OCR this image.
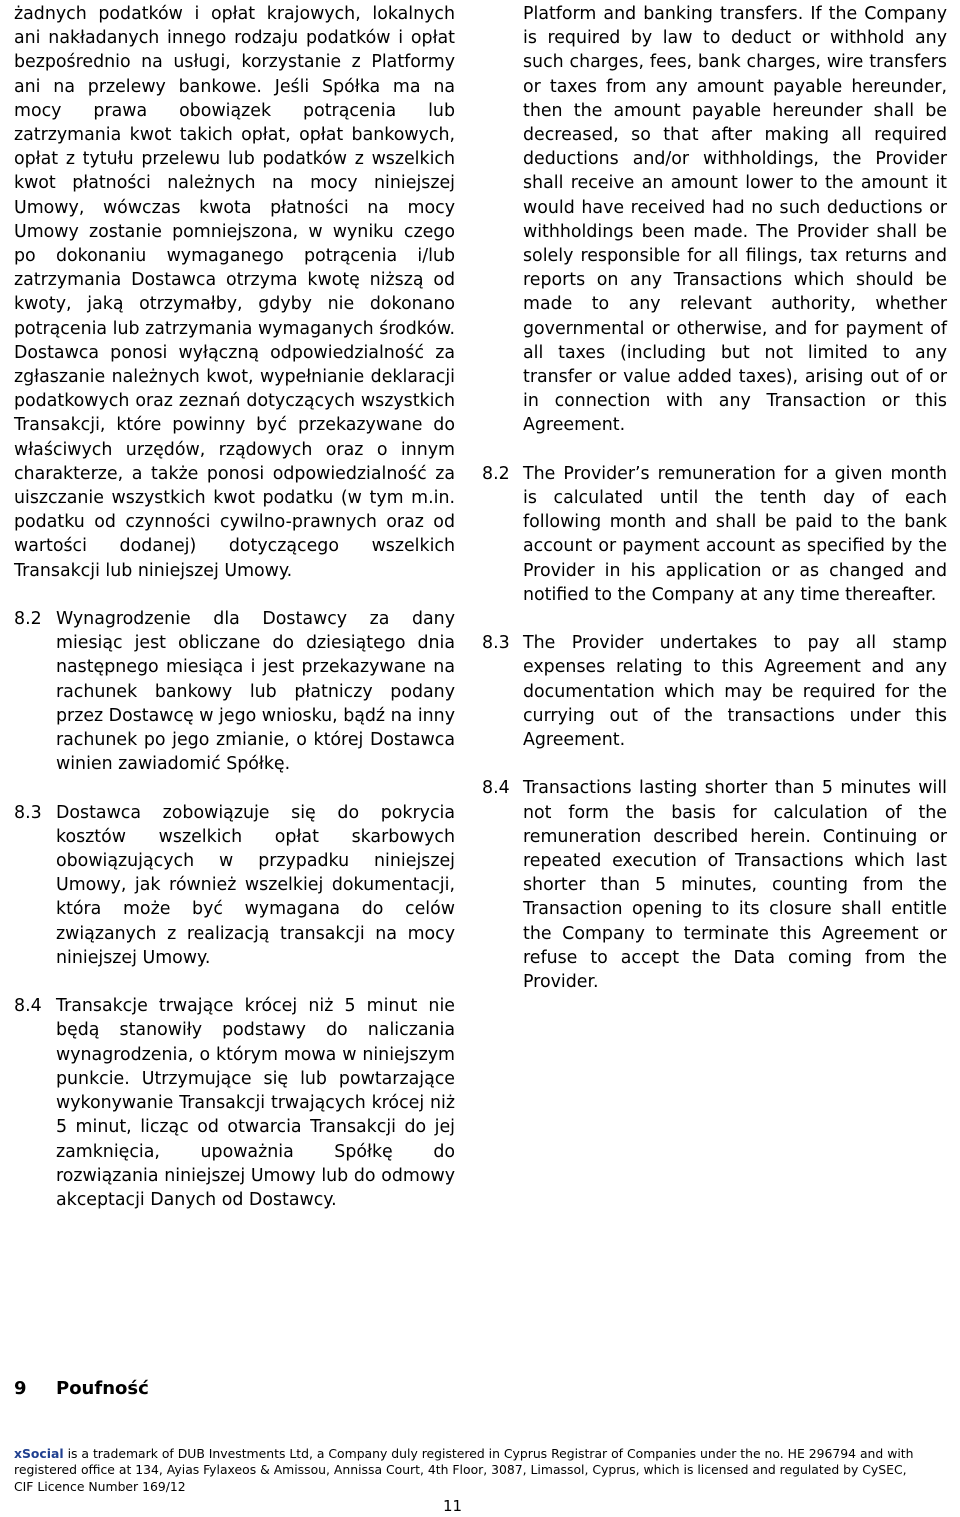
żadnych podatków i opłat krajowych, lokalnych ani nakładanych innego rodzaju podatków i opłat bezpośrednio na usługi, korzystanie z Platformy ani na przelewy bankowe. Jeśli Spółka ma na mocy prawa obowiązek potrącenia lub zatrzymania kwot takich opłat, opłat bankowych, opłat z tytułu przelewu lub podatków z wszelkich kwot płatności należnych na mocy niniejszej Umowy, wówczas kwota płatności na mocy Umowy zostanie pomniejszona, w wyniku czego po dokonaniu wymaganego potrącenia i/lub zatrzymania Dostawca otrzyma kwotę niższą od kwoty, jaką otrzymałby, gdyby nie dokonano potrącenia lub zatrzymania wymaganych środków. Dostawca ponosi wyłączną odpowiedzialność za zgłaszanie należnych kwot, wypełnianie deklaracji podatkowych oraz zeznań dotyczących wszystkich Transakcji, które powinny być przekazywane do właściwych urzędów, rządowych oraz o innym charakterze, a także ponosi odpowiedzialność za uiszczanie wszystkich kwot podatku (w tym m.in. podatku od czynności cywilno-prawnych oraz od wartości dodanej) dotyczącego wszelkich Transakcji lub niniejszej Umowy.

8.2 Wynagrodzenie dla Dostawcy za dany miesiąc jest obliczane do dziesiątego dnia następnego miesiąca i jest przekazywane na rachunek bankowy lub płatniczy podany przez Dostawcę w jego wniosku, bądź na inny rachunek po jego zmianie, o której Dostawca winien zawiadomić Spółkę.
8.3 Dostawca zobowiązuje się do pokrycia kosztów wszelkich opłat skarbowych obowiązujących w przypadku niniejszej Umowy, jak również wszelkiej dokumentacji, która może być wymagana do celów związanych z realizacją transakcji na mocy niniejszej Umowy.
8.4 Transakcje trwające krócej niż 5 minut nie będą stanowiły podstawy do naliczania wynagrodzenia, o którym mowa w niniejszym punkcie. Utrzymujące się lub powtarzające wykonywanie Transakcji trwających krócej niż 5 minut, licząc od otwarcia Transakcji do jej zamknięcia, upoważnia Spółkę do rozwiązania niniejszej Umowy lub do odmowy akceptacji Danych od Dostawcy.

Platform and banking transfers. If the Company is required by law to deduct or withhold any such charges, fees, bank charges, wire transfers or taxes from any amount payable hereunder, then the amount payable hereunder shall be decreased, so that after making all required deductions and/or withholdings, the Provider shall receive an amount lower to the amount it would have received had no such deductions or withholdings been made. The Provider shall be solely responsible for all filings, tax returns and reports on any Transactions which should be made to any relevant authority, whether governmental or otherwise, and for payment of all taxes (including but not limited to any transfer or value added taxes), arising out of or in connection with any Transaction or this Agreement.

8.2 The Provider’s remuneration for a given month is calculated until the tenth day of each following month and shall be paid to the bank account or payment account as specified by the Provider in his application or as changed and notified to the Company at any time thereafter.
8.3 The Provider undertakes to pay all stamp expenses relating to this Agreement and any documentation which may be required for the currying out of the transactions under this Agreement.
8.4 Transactions lasting shorter than 5 minutes will not form the basis for calculation of the remuneration described herein. Continuing or repeated execution of Transactions which last shorter than 5 minutes, counting from the Transaction opening to its closure shall entitle the Company to terminate this Agreement or refuse to accept the Data coming from the Provider.
9	Poufność
xSocial is a trademark of DUB Investments Ltd, a Company duly registered in Cyprus Registrar of Companies under the no. HE 296794 and with registered office at 134, Ayias Fylaxeos & Amissou, Annissa Court, 4th Floor, 3087, Limassol, Cyprus, which is licensed and regulated by CySEC, CIF Licence Number 169/12
11
